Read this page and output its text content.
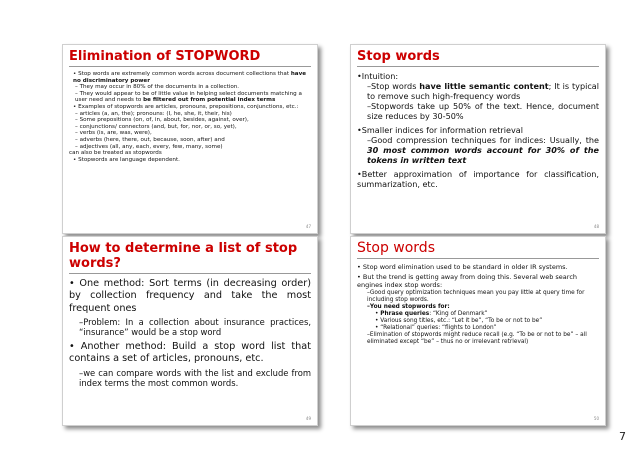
Elimination of STOPWORD
• Stop words are extremely common words across document collections that have no discriminatory power
– They may occur in 80% of the documents in a collection.
– They would appear to be of little value in helping select documents matching a user need and needs to be filtered out from potential index terms
• Examples of stopwords are articles, pronouns, prepositions, conjunctions, etc.:
– articles (a, an, the); pronouns: (I, he, she, it, their, his)
– Some prepositions (on, of, in, about, besides, against, over),
– conjunctions/ connectors (and, but, for, nor, or, so, yet),
– verbs (is, are, was, were),
– adverbs (here, there, out, because, soon, after) and
– adjectives (all, any, each, every, few, many, some)
can also be treated as stopwords
• Stopwords are language dependent.
47
Stop words
•Intuition:
–Stop words have little semantic content; It is typical to remove such high-frequency words
–Stopwords take up 50% of the text. Hence, document size reduces by 30-50%
•Smaller indices for information retrieval
–Good compression techniques for indices: Usually, the 30 most common words account for 30% of the tokens in written text
•Better approximation of importance for classification, summarization, etc.
48
How to determine a list of stop words?
• One method: Sort terms (in decreasing order) by collection frequency and take the most frequent ones
–Problem: In a collection about insurance practices, “insurance” would be a stop word
• Another method: Build a stop word list that contains a set of articles, pronouns, etc.
–we can compare words with the list and exclude from index terms the most common words.
49
Stop words
• Stop word elimination used to be standard in older IR systems.
• But the trend is getting away from doing this. Several web search engines index stop words:
–Good query optimization techniques mean you pay little at query time for including stop words.
–You need stopwords for:
• Phrase queries: “King of Denmark”
• Various song titles, etc.: “Let it be”, “To be or not to be”
• “Relational” queries: “flights to London”
–Elimination of stopwords might reduce recall (e.g. “To be or not to be” – all eliminated except “be” – thus no or irrelevant retrieval)
50
7
